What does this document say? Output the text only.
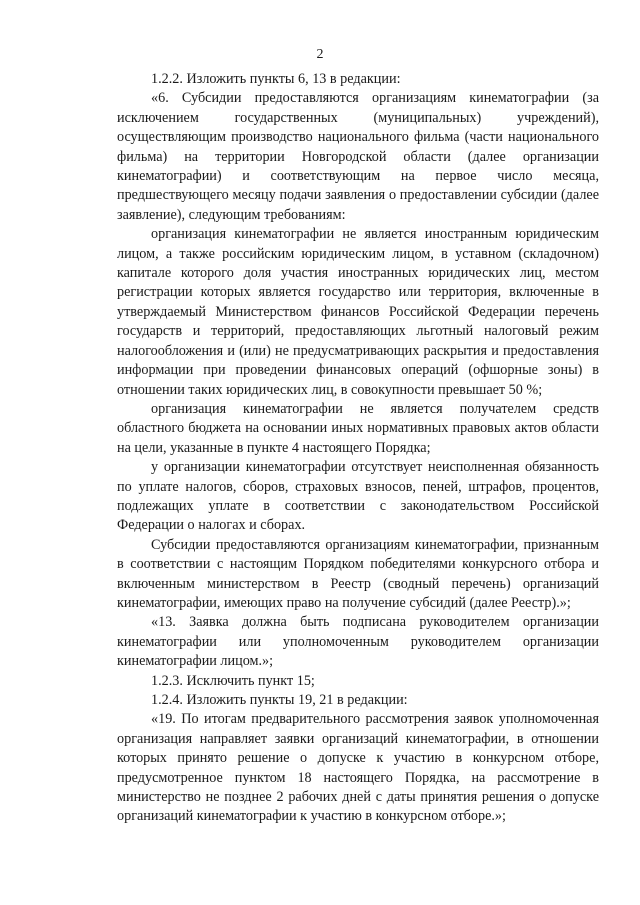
2

1.2.2. Изложить пункты 6, 13 в редакции:

«6. Субсидии предоставляются организациям кинематографии (за исключением государственных (муниципальных) учреждений), осуществляющим производство национального фильма (части национального фильма) на территории Новгородской области (далее организации кинематографии) и соответствующим на первое число месяца, предшествующего месяцу подачи заявления о предоставлении субсидии (далее заявление), следующим требованиям:

организация кинематографии не является иностранным юридическим лицом, а также российским юридическим лицом, в уставном (складочном) капитале которого доля участия иностранных юридических лиц, местом регистрации которых является государство или территория, включенные в утверждаемый Министерством финансов Российской Федерации перечень государств и территорий, предоставляющих льготный налоговый режим налогообложения и (или) не предусматривающих раскрытия и предоставления информации при проведении финансовых операций (офшорные зоны) в отношении таких юридических лиц, в совокупности превышает 50 %;

организация кинематографии не является получателем средств областного бюджета на основании иных нормативных правовых актов области на цели, указанные в пункте 4 настоящего Порядка;

у организации кинематографии отсутствует неисполненная обязанность по уплате налогов, сборов, страховых взносов, пеней, штрафов, процентов, подлежащих уплате в соответствии с законодательством Российской Федерации о налогах и сборах.

Субсидии предоставляются организациям кинематографии, признанным в соответствии с настоящим Порядком победителями конкурсного отбора и включенным министерством в Реестр (сводный перечень) организаций кинематографии, имеющих право на получение субсидий (далее Реестр).»;

«13. Заявка должна быть подписана руководителем организации кинематографии или уполномоченным руководителем организации кинематографии лицом.»;

1.2.3. Исключить пункт 15;

1.2.4. Изложить пункты 19, 21 в редакции:

«19. По итогам предварительного рассмотрения заявок уполномоченная организация направляет заявки организаций кинематографии, в отношении которых принято решение о допуске к участию в конкурсном отборе, предусмотренное пунктом 18 настоящего Порядка, на рассмотрение в министерство не позднее 2 рабочих дней с даты принятия решения о допуске организаций кинематографии к участию в конкурсном отборе.»;
